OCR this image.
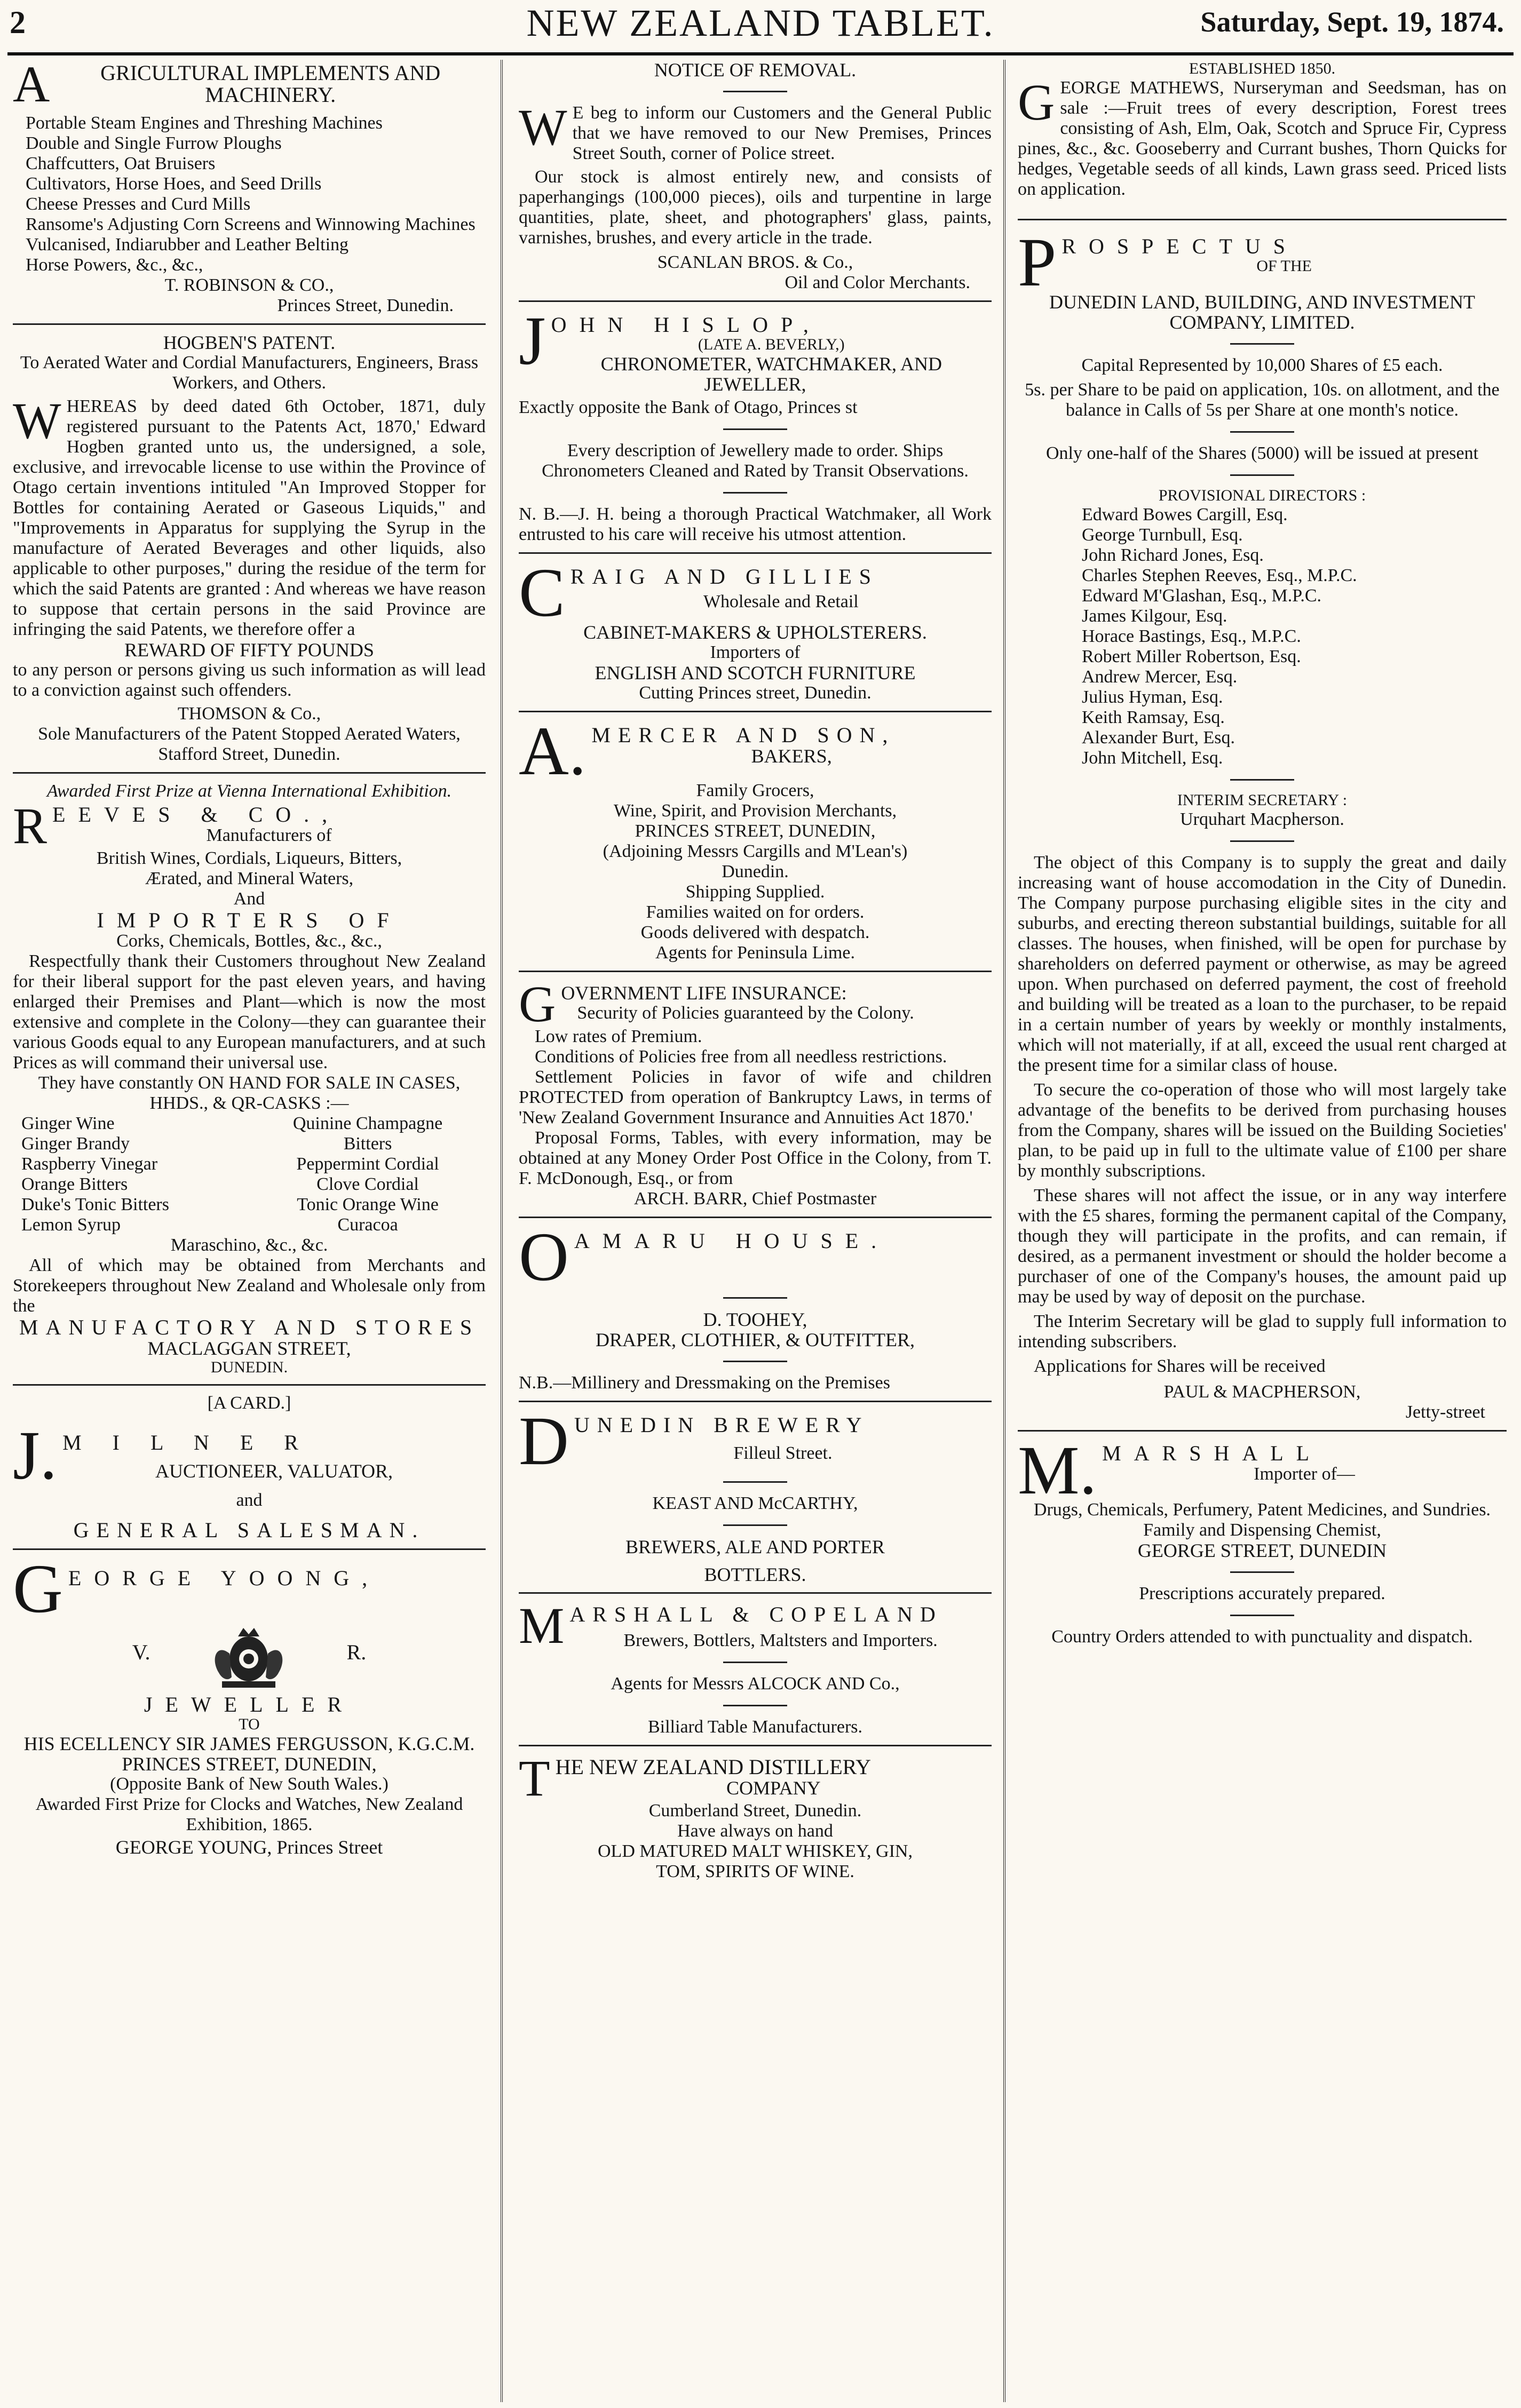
2	NEW ZEALAND TABLET.	Saturday, Sept. 19, 1874.
A	GRICULTURAL IMPLEMENTS AND MACHINERY.

Portable Steam Engines and Threshing Machines

Double and Single Furrow Ploughs

Chaffcutters, Oat Bruisers

Cultivators, Horse Hoes, and Seed Drills

Cheese Presses and Curd Mills

Ransome's Adjusting Corn Screens and Winnowing Machines

Vulcanised, Indiarubber and Leather Belting

Horse Powers, &c., &c.,

T. ROBINSON & CO.,

Princes Street, Dunedin.

HOGBEN'S PATENT.

To Aerated Water and Cordial Manufacturers, Engineers, Brass Workers, and Others.

W HEREAS by deed dated 6th October, 1871, duly registered pursuant to the Patents Act, 1870,' Edward Hogben granted unto us, the undersigned, a sole, exclusive, and irrevocable license to use within the Province of Otago certain inventions intituled "An Improved Stopper for Bottles for containing Aerated or Gaseous Liquids," and "Improvements in Apparatus for supplying the Syrup in the manufacture of Aerated Beverages and other liquids, also applicable to other purposes," during the residue of the term for which the said Patents are granted : And whereas we have reason to suppose that certain persons in the said Province are infringing the said Patents, we therefore offer a

REWARD OF FIFTY POUNDS

to any person or persons giving us such information as will lead to a conviction against such offenders.

THOMSON & Co.,

Sole Manufacturers of the Patent Stopped Aerated Waters, Stafford Street, Dunedin.

Awarded First Prize at Vienna International Exhibition.

R EEVES & CO.,
Manufacturers of

British Wines, Cordials, Liqueurs, Bitters,

Ærated, and Mineral Waters,

And

IMPORTERS OF

Corks, Chemicals, Bottles, &c., &c.,

Respectfully thank their Customers throughout New Zealand for their liberal support for the past eleven years, and having enlarged their Premises and Plant—which is now the most extensive and complete in the Colony—they can guarantee their various Goods equal to any European manufacturers, and at such Prices as will command their universal use.

They have constantly ON HAND FOR SALE IN CASES, HHDS., & QR-CASKS :—

Ginger Wine	Quinine Champagne
Ginger Brandy	Bitters
Raspberry Vinegar	Peppermint Cordial
Orange Bitters	Clove Cordial
Duke's Tonic Bitters	Tonic Orange Wine
Lemon Syrup	Curacoa

Maraschino, &c., &c.

All of which may be obtained from Merchants and Storekeepers throughout New Zealand and Wholesale only from the

MANUFACTORY AND STORES

MACLAGGAN STREET,

DUNEDIN.

[A CARD.]

J. M I L N E R
AUCTIONEER, VALUATOR,

and

GENERAL SALESMAN.

G EORGE YOONG,
V.	R.

JEWELLER

TO

HIS ECELLENCY SIR JAMES FERGUSSON, K.G.C.M.

PRINCES STREET, DUNEDIN,

(Opposite Bank of New South Wales.)

Awarded First Prize for Clocks and Watches, New Zealand Exhibition, 1865.

GEORGE YOUNG, Princes Street

NOTICE OF REMOVAL.

W E beg to inform our Customers and the General Public that we have removed to our New Premises, Princes Street South, corner of Police street.

Our stock is almost entirely new, and consists of paperhangings (100,000 pieces), oils and turpentine in large quantities, plate, sheet, and photographers' glass, paints, varnishes, brushes, and every article in the trade.

SCANLAN BROS. & Co.,

Oil and Color Merchants.

J OHN HISLOP,
(LATE A. BEVERLY,)
CHRONOMETER, WATCHMAKER, AND JEWELLER,

Exactly opposite the Bank of Otago, Princes st

Every description of Jewellery made to order. Ships Chronometers Cleaned and Rated by Transit Observations.

N. B.—J. H. being a thorough Practical Watchmaker, all Work entrusted to his care will receive his utmost attention.

C RAIG AND GILLIES
Wholesale and Retail

CABINET-MAKERS & UPHOLSTERERS.

Importers of

ENGLISH AND SCOTCH FURNITURE

Cutting Princes street, Dunedin.

A. MERCER AND SON,
BAKERS,

Family Grocers,

Wine, Spirit, and Provision Merchants,

PRINCES STREET, DUNEDIN,

(Adjoining Messrs Cargills and M'Lean's)

Dunedin.

Shipping Supplied.

Families waited on for orders.

Goods delivered with despatch.

Agents for Peninsula Lime.

G OVERNMENT LIFE INSURANCE:
Security of Policies guaranteed by the Colony.

Low rates of Premium.

Conditions of Policies free from all needless restrictions.

Settlement Policies in favor of wife and children PROTECTED from operation of Bankruptcy Laws, in terms of 'New Zealand Government Insurance and Annuities Act 1870.'

Proposal Forms, Tables, with every information, may be obtained at any Money Order Post Office in the Colony, from T. F. McDonough, Esq., or from

ARCH. BARR, Chief Postmaster

O AMARU HOUSE.

D. TOOHEY,

DRAPER, CLOTHIER, & OUTFITTER,

N.B.—Millinery and Dressmaking on the Premises

D UNEDIN BREWERY
Filleul Street.

KEAST AND McCARTHY,

BREWERS, ALE AND PORTER

BOTTLERS.

M ARSHALL & COPELAND
Brewers, Bottlers, Maltsters and Importers.

Agents for Messrs ALCOCK AND Co.,

Billiard Table Manufacturers.

T HE NEW ZEALAND DISTILLERY
COMPANY

Cumberland Street, Dunedin.

Have always on hand

OLD MATURED MALT WHISKEY, GIN,

TOM, SPIRITS OF WINE.

ESTABLISHED 1850.

G EORGE MATHEWS, Nurseryman and Seedsman, has on sale :—Fruit trees of every description, Forest trees consisting of Ash, Elm, Oak, Scotch and Spruce Fir, Cypress pines, &c., &c. Gooseberry and Currant bushes, Thorn Quicks for hedges, Vegetable seeds of all kinds, Lawn grass seed. Priced lists on application.
P ROSPECTUS
OF THE

DUNEDIN LAND, BUILDING, AND INVESTMENT COMPANY, LIMITED.

Capital Represented by 10,000 Shares of £5 each.

5s. per Share to be paid on application, 10s. on allotment, and the balance in Calls of 5s per Share at one month's notice.

Only one-half of the Shares (5000) will be issued at present

PROVISIONAL DIRECTORS :

Edward Bowes Cargill, Esq.

George Turnbull, Esq.

John Richard Jones, Esq.

Charles Stephen Reeves, Esq., M.P.C.

Edward M'Glashan, Esq., M.P.C.

James Kilgour, Esq.

Horace Bastings, Esq., M.P.C.

Robert Miller Robertson, Esq.

Andrew Mercer, Esq.

Julius Hyman, Esq.

Keith Ramsay, Esq.

Alexander Burt, Esq.

John Mitchell, Esq.

INTERIM SECRETARY :

Urquhart Macpherson.

The object of this Company is to supply the great and daily increasing want of house accomodation in the City of Dunedin. The Company purpose purchasing eligible sites in the city and suburbs, and erecting thereon substantial buildings, suitable for all classes. The houses, when finished, will be open for purchase by shareholders on deferred payment or otherwise, as may be agreed upon. When purchased on deferred payment, the cost of freehold and building will be treated as a loan to the purchaser, to be repaid in a certain number of years by weekly or monthly instalments, which will not materially, if at all, exceed the usual rent charged at the present time for a similar class of house.

To secure the co-operation of those who will most largely take advantage of the benefits to be derived from purchasing houses from the Company, shares will be issued on the Building Societies' plan, to be paid up in full to the ultimate value of £100 per share by monthly subscriptions.

These shares will not affect the issue, or in any way interfere with the £5 shares, forming the permanent capital of the Company, though they will participate in the profits, and can remain, if desired, as a permanent investment or should the holder become a purchaser of one of the Company's houses, the amount paid up may be used by way of deposit on the purchase.

The Interim Secretary will be glad to supply full information to intending subscribers.

Applications for Shares will be received

PAUL & MACPHERSON,

Jetty-street

M. MARSHALL
Importer of—

Drugs, Chemicals, Perfumery, Patent Medicines, and Sundries. Family and Dispensing Chemist,

GEORGE STREET, DUNEDIN

Prescriptions accurately prepared.

Country Orders attended to with punctuality and dispatch.
